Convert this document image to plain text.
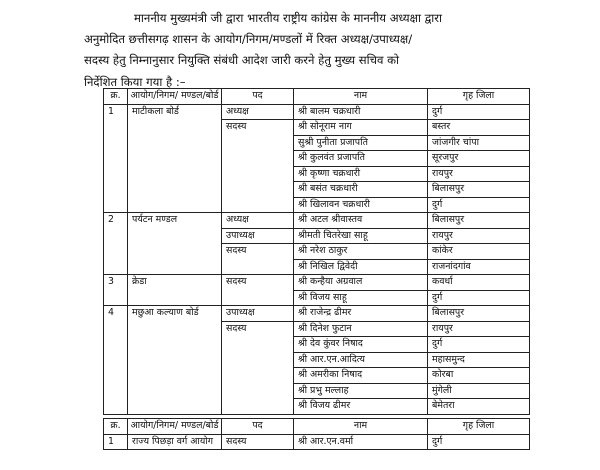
माननीय मुख्यमंत्री जी द्वारा भारतीय राष्ट्रीय कांग्रेस के माननीय अध्यक्षा द्वारा
अनुमोदित छत्तीसगढ़ शासन के आयोग/निगम/मण्डलों में रिक्त अध्यक्ष/उपाध्यक्ष/
सदस्य हेतु निम्नानुसार नियुक्ति संबंधी आदेश जारी करने हेतु मुख्य सचिव को
निर्देशित किया गया है :–

क्र.	आयोग/निगम/ मण्डल/बोर्ड	पद	नाम	गृह जिला
1	माटीकला बोर्ड	अध्यक्ष	श्री बालम चक्रधारी	दुर्ग
		सदस्य	श्री सोनूराम नाग	बस्तर
			सुश्री पुनीता प्रजापति	जांजगीर चांपा
			श्री कुलवंत प्रजापति	सूरजपुर
			श्री कृष्णा चक्रधारी	रायपुर
			श्री बसंत चक्रधारी	बिलासपुर
			श्री खिलावन चक्रधारी	दुर्ग
2	पर्यटन मण्डल	अध्यक्ष	श्री अटल श्रीवास्तव	बिलासपुर
		उपाध्यक्ष	श्रीमती चितरेखा साहू	रायपुर
		सदस्य	श्री नरेश ठाकुर	कांकेर
			श्री निखिल द्विवेदी	राजनांदगांव
3	क्रेडा	सदस्य	श्री कन्हैया अग्रवाल	कवर्धा
			श्री विजय साहू	दुर्ग
4	मछुआ कल्याण बोर्ड	उपाध्यक्ष	श्री राजेन्द्र ढीमर	बिलासपुर
		सदस्य	श्री दिनेश फुटान	रायपुर
			श्री देव कुंवर निषाद	दुर्ग
			श्री आर.एन.आदित्य	महासमुन्द
			श्री अमरीका निषाद	कोरबा
			श्री प्रभु मल्लाह	मुंगेली
			श्री विजय ढीमर	बेमेतरा
क्र.	आयोग/निगम/ मण्डल/बोर्ड	पद	नाम	गृह जिला
1	राज्य पिछड़ा वर्ग आयोग	सदस्य	श्री आर.एन.वर्मा	दुर्ग
